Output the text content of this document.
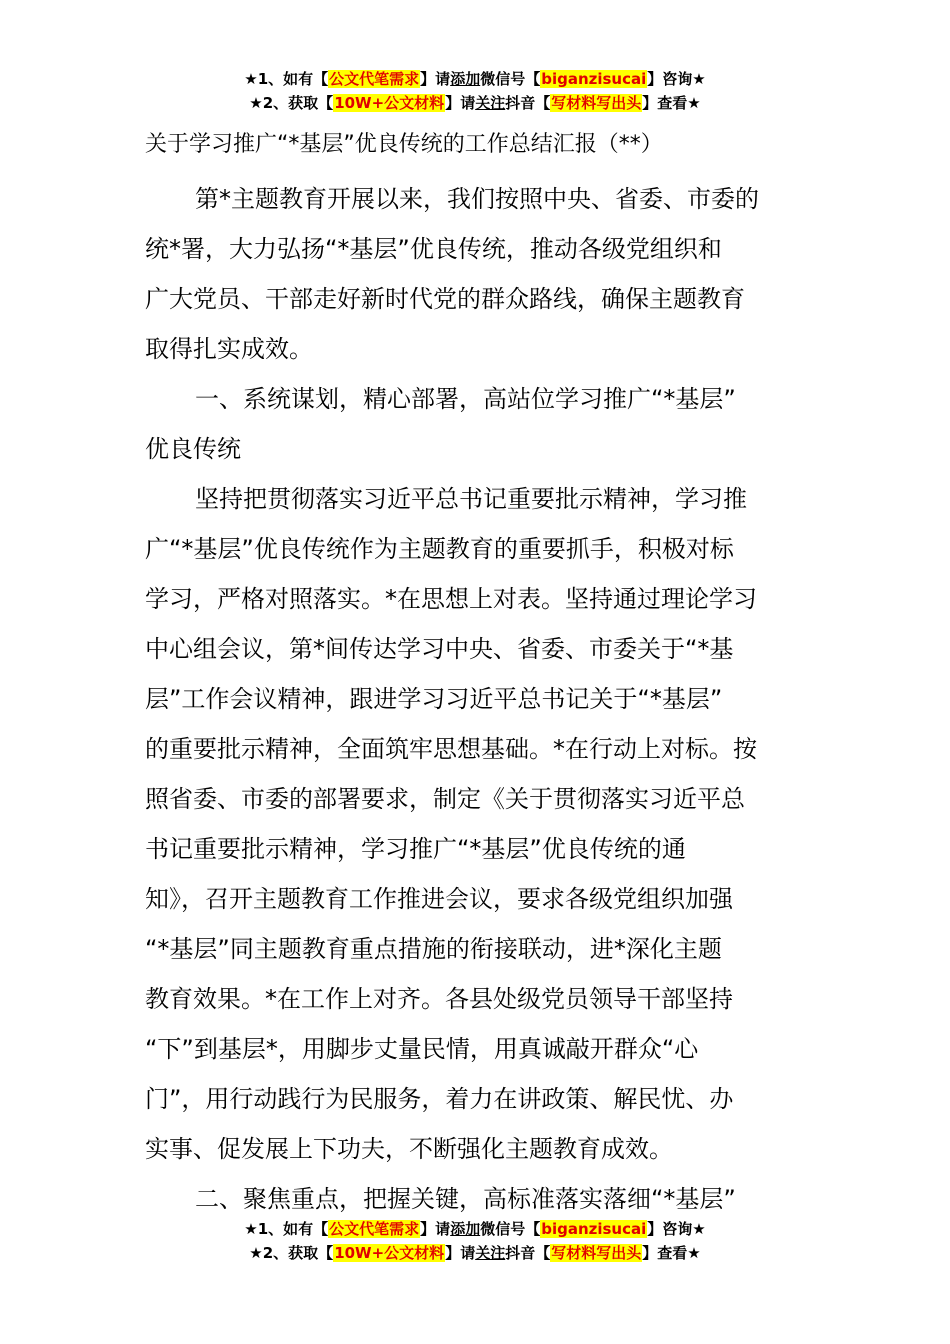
★1、如有【公文代笔需求】请添加微信号【biganzisucai】咨询★
★2、获取【10W+公文材料】请关注抖音【写材料写出头】查看★

关于学习推广“*基层”优良传统的工作总结汇报（**）

第*主题教育开展以来，我们按照中央、省委、市委的
统*署，大力弘扬“*基层”优良传统，推动各级党组织和
广大党员、干部走好新时代党的群众路线，确保主题教育
取得扎实成效。
一、系统谋划，精心部署，高站位学习推广“*基层”
优良传统
坚持把贯彻落实习近平总书记重要批示精神，学习推
广“*基层”优良传统作为主题教育的重要抓手，积极对标
学习，严格对照落实。*在思想上对表。坚持通过理论学习
中心组会议，第*间传达学习中央、省委、市委关于“*基
层”工作会议精神，跟进学习习近平总书记关于“*基层”
的重要批示精神，全面筑牢思想基础。*在行动上对标。按
照省委、市委的部署要求，制定《关于贯彻落实习近平总
书记重要批示精神，学习推广“*基层”优良传统的通
知》，召开主题教育工作推进会议，要求各级党组织加强
“*基层”同主题教育重点措施的衔接联动，进*深化主题
教育效果。*在工作上对齐。各县处级党员领导干部坚持
“下”到基层*，用脚步丈量民情，用真诚敲开群众“心
门”，用行动践行为民服务，着力在讲政策、解民忧、办
实事、促发展上下功夫，不断强化主题教育成效。
二、聚焦重点，把握关键，高标准落实落细“*基层”
★1、如有【公文代笔需求】请添加微信号【biganzisucai】咨询★
★2、获取【10W+公文材料】请关注抖音【写材料写出头】查看★
